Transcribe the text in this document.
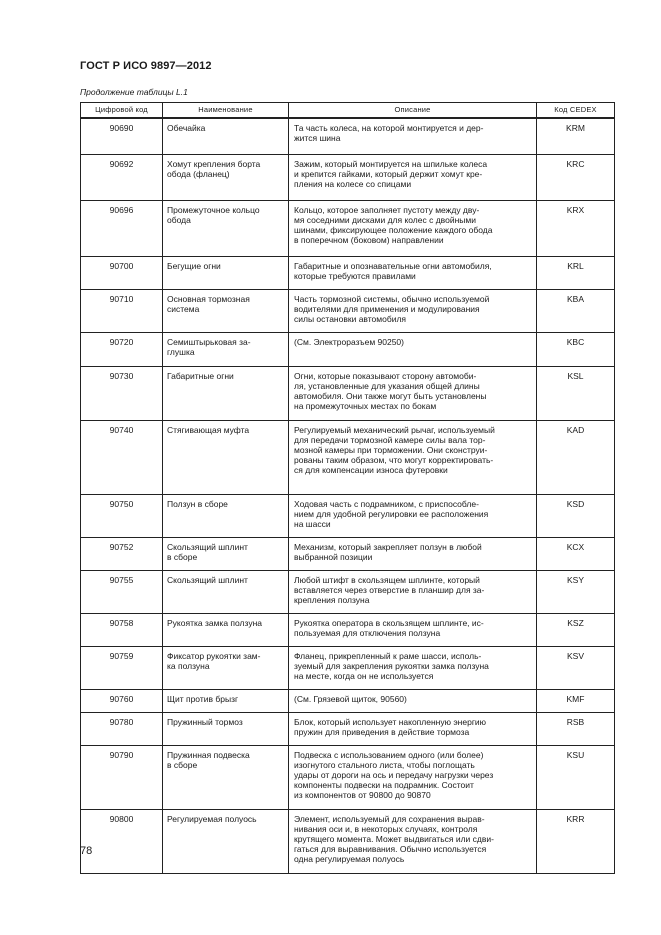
ГОСТ Р ИСО 9897—2012
Продолжение таблицы L.1
Цифровой код	Наименование	Описание	Код CEDEX

90690	Обечайка	Та часть колеса, на которой монтируется и дер-
жится шина	KRM

90692	Хомут крепления борта
обода (фланец)	Зажим, который монтируется на шпильке колеса
и крепится гайками, который держит хомут кре-
пления на колесе со спицами	KRC

90696	Промежуточное кольцо
обода	Кольцо, которое заполняет пустоту между дву-
мя соседними дисками для колес с двойными
шинами, фиксирующее положение каждого обода
в поперечном (боковом) направлении	KRX

90700	Бегущие огни	Габаритные и опознавательные огни автомобиля,
которые требуются правилами	KRL

90710	Основная тормозная
система	Часть тормозной системы, обычно используемой
водителями для применения и модулирования
силы остановки автомобиля	KBA

90720	Семиштырьковая за-
глушка	(См. Электроразъем 90250)	KBC

90730	Габаритные огни	Огни, которые показывают сторону автомоби-
ля, установленные для указания общей длины
автомобиля. Они также могут быть установлены
на промежуточных местах по бокам	KSL

90740	Стягивающая муфта	Регулируемый механический рычаг, используемый
для передачи тормозной камере силы вала тор-
мозной камеры при торможении. Они сконструи-
рованы таким образом, что могут корректировать-
ся для компенсации износа футеровки	KAD

90750	Ползун в сборе	Ходовая часть с подрамником, с приспособле-
нием для удобной регулировки ее расположения
на шасси	KSD

90752	Скользящий шплинт
в сборе	Механизм, который закрепляет ползун в любой
выбранной позиции	KCX

90755	Скользящий шплинт	Любой штифт в скользящем шплинте, который
вставляется через отверстие в планшир для за-
крепления ползуна	KSY

90758	Рукоятка замка ползуна	Рукоятка оператора в скользящем шплинте, ис-
пользуемая для отключения ползуна	KSZ

90759	Фиксатор рукоятки зам-
ка ползуна	Фланец, прикрепленный к раме шасси, исполь-
зуемый для закрепления рукоятки замка ползуна
на месте, когда он не используется	KSV

90760	Щит против брызг	(См. Грязевой щиток, 90560)	KMF

90780	Пружинный тормоз	Блок, который использует накопленную энергию
пружин для приведения в действие тормоза	RSB

90790	Пружинная подвеска
в сборе	Подвеска с использованием одного (или более)
изогнутого стального листа, чтобы поглощать
удары от дороги на ось и передачу нагрузки через
компоненты подвески на подрамник. Состоит
из компонентов от 90800 до 90870	KSU

90800	Регулируемая полуось	Элемент, используемый для сохранения вырав-
нивания оси и, в некоторых случаях, контроля
крутящего момента. Может выдвигаться или сдви-
гаться для выравнивания. Обычно используется
одна регулируемая полуось	KRR
78
